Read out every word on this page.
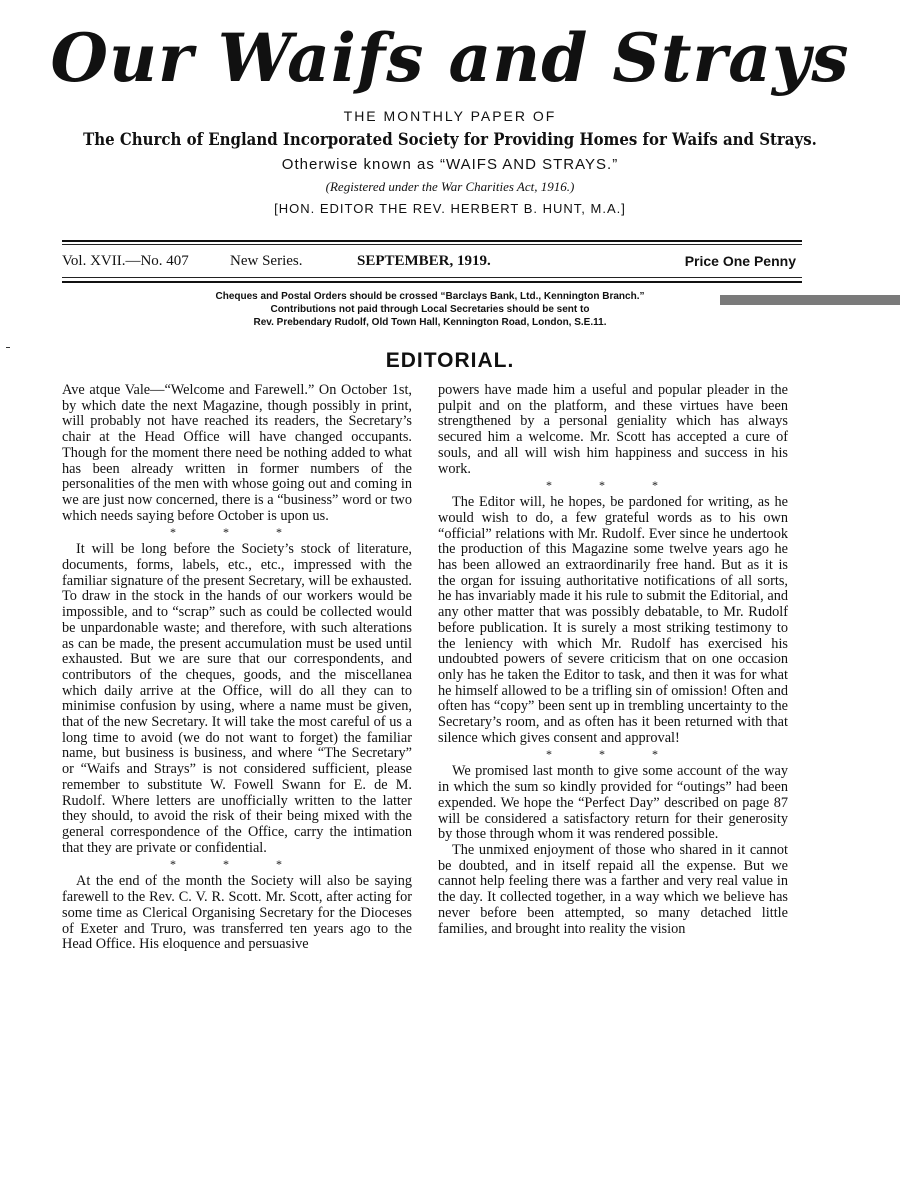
Our Waifs and Strays
THE MONTHLY PAPER OF
The Church of England Incorporated Society for Providing Homes for Waifs and Strays.
Otherwise known as “WAIFS AND STRAYS.”
(Registered under the War Charities Act, 1916.)
[HON. EDITOR THE REV. HERBERT B. HUNT, M.A.]
Vol. XVII.—No. 407	New Series.	SEPTEMBER, 1919.	Price One Penny
Cheques and Postal Orders should be crossed “Barclays Bank, Ltd., Kennington Branch.”
Contributions not paid through Local Secretaries should be sent to
Rev. Prebendary Rudolf, Old Town Hall, Kennington Road, London, S.E.11.
EDITORIAL.

Ave atque Vale—“Welcome and Farewell.” On October 1st, by which date the next Magazine, though possibly in print, will probably not have reached its readers, the Secretary’s chair at the Head Office will have changed occupants. Though for the moment there need be nothing added to what has been already written in former numbers of the personalities of the men with whose going out and coming in we are just now concerned, there is a “business” word or two which needs saying before October is upon us.

* * *

It will be long before the Society’s stock of literature, documents, forms, labels, etc., etc., impressed with the familiar signature of the present Secretary, will be exhausted. To draw in the stock in the hands of our workers would be impossible, and to “scrap” such as could be collected would be unpardonable waste; and therefore, with such alterations as can be made, the present accumulation must be used until exhausted. But we are sure that our correspondents, and contributors of the cheques, goods, and the miscellanea which daily arrive at the Office, will do all they can to minimise confusion by using, where a name must be given, that of the new Secretary. It will take the most careful of us a long time to avoid (we do not want to forget) the familiar name, but business is business, and where “The Secretary” or “Waifs and Strays” is not considered sufficient, please remember to substitute W. Fowell Swann for E. de M. Rudolf. Where letters are unofficially written to the latter they should, to avoid the risk of their being mixed with the general correspondence of the Office, carry the intimation that they are private or confidential.

* * *

At the end of the month the Society will also be saying farewell to the Rev. C. V. R. Scott. Mr. Scott, after acting for some time as Clerical Organising Secretary for the Dioceses of Exeter and Truro, was transferred ten years ago to the Head Office. His eloquence and persuasive

powers have made him a useful and popular pleader in the pulpit and on the platform, and these virtues have been strengthened by a personal geniality which has always secured him a welcome. Mr. Scott has accepted a cure of souls, and all will wish him happiness and success in his work.

* * *

The Editor will, he hopes, be pardoned for writing, as he would wish to do, a few grateful words as to his own “official” relations with Mr. Rudolf. Ever since he undertook the production of this Magazine some twelve years ago he has been allowed an extraordinarily free hand. But as it is the organ for issuing authoritative notifications of all sorts, he has invariably made it his rule to submit the Editorial, and any other matter that was possibly debatable, to Mr. Rudolf before publication. It is surely a most striking testimony to the leniency with which Mr. Rudolf has exercised his undoubted powers of severe criticism that on one occasion only has he taken the Editor to task, and then it was for what he himself allowed to be a trifling sin of omission! Often and often has “copy” been sent up in trembling uncertainty to the Secretary’s room, and as often has it been returned with that silence which gives consent and approval!

* * *

We promised last month to give some account of the way in which the sum so kindly provided for “outings” had been expended. We hope the “Perfect Day” described on page 87 will be considered a satisfactory return for their generosity by those through whom it was rendered possible.

The unmixed enjoyment of those who shared in it cannot be doubted, and in itself repaid all the expense. But we cannot help feeling there was a farther and very real value in the day. It collected together, in a way which we believe has never before been attempted, so many detached little families, and brought into reality the vision
